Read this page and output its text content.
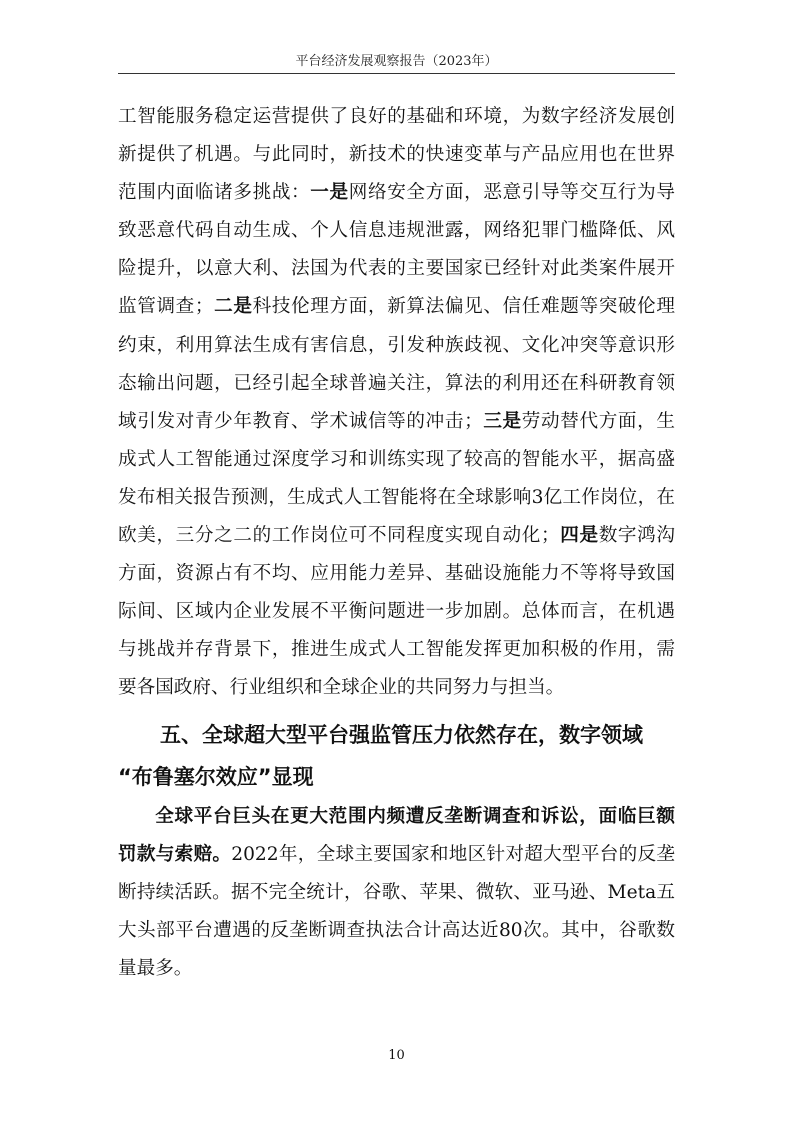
平台经济发展观察报告（2023年）

工智能服务稳定运营提供了良好的基础和环境，为数字经济发展创新提供了机遇。与此同时，新技术的快速变革与产品应用也在世界范围内面临诸多挑战：一是网络安全方面，恶意引导等交互行为导致恶意代码自动生成、个人信息违规泄露，网络犯罪门槛降低、风险提升，以意大利、法国为代表的主要国家已经针对此类案件展开监管调查；二是科技伦理方面，新算法偏见、信任难题等突破伦理约束，利用算法生成有害信息，引发种族歧视、文化冲突等意识形态输出问题，已经引起全球普遍关注，算法的利用还在科研教育领域引发对青少年教育、学术诚信等的冲击；三是劳动替代方面，生成式人工智能通过深度学习和训练实现了较高的智能水平，据高盛发布相关报告预测，生成式人工智能将在全球影响3亿工作岗位，在欧美，三分之二的工作岗位可不同程度实现自动化；四是数字鸿沟方面，资源占有不均、应用能力差异、基础设施能力不等将导致国际间、区域内企业发展不平衡问题进一步加剧。总体而言，在机遇与挑战并存背景下，推进生成式人工智能发挥更加积极的作用，需要各国政府、行业组织和全球企业的共同努力与担当。

五、全球超大型平台强监管压力依然存在，数字领域
“布鲁塞尔效应”显现

全球平台巨头在更大范围内频遭反垄断调查和诉讼，面临巨额罚款与索赔。2022年，全球主要国家和地区针对超大型平台的反垄断持续活跃。据不完全统计，谷歌、苹果、微软、亚马逊、Meta五大头部平台遭遇的反垄断调查执法合计高达近80次。其中，谷歌数量最多。

10
